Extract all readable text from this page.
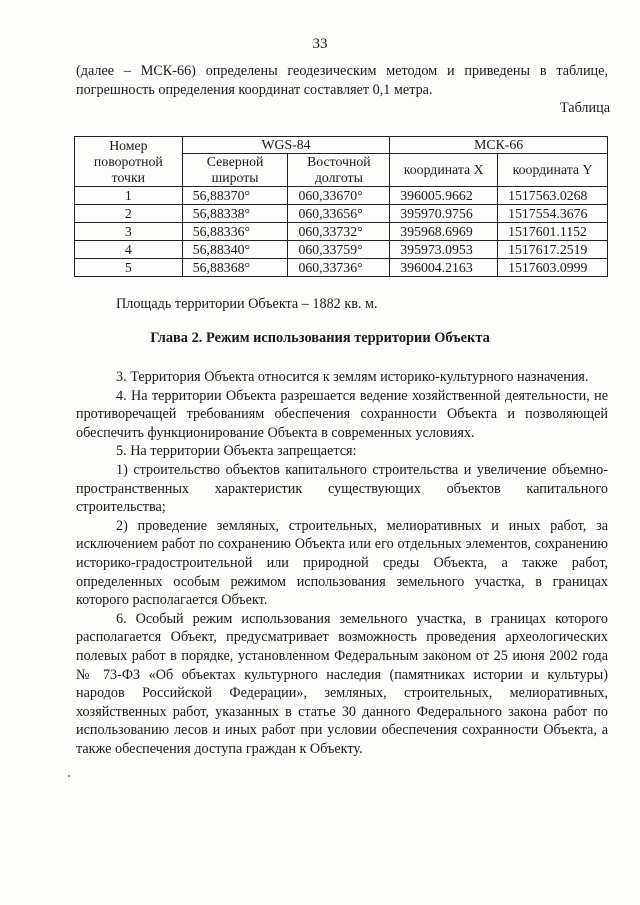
33
(далее – МСК-66) определены геодезическим методом и приведены в таблице, погрешность определения координат составляет 0,1 метра.
Таблица
Номер поворотной точки	WGS-84		МСК-66	
	Северной широты	Восточной долготы	координата X	координата Y
1	56,88370°	060,33670°	396005.9662	1517563.0268
2	56,88338°	060,33656°	395970.9756	1517554.3676
3	56,88336°	060,33732°	395968.6969	1517601.1152
4	56,88340°	060,33759°	395973.0953	1517617.2519
5	56,88368°	060,33736°	396004.2163	1517603.0999
Площадь территории Объекта – 1882 кв. м.
Глава 2. Режим использования территории Объекта

3. Территория Объекта относится к землям историко-культурного назначения.

4. На территории Объекта разрешается ведение хозяйственной деятельности, не противоречащей требованиям обеспечения сохранности Объекта и позволяющей обеспечить функционирование Объекта в современных условиях.

5. На территории Объекта запрещается:

1) строительство объектов капитального строительства и увеличение объемно-пространственных характеристик существующих объектов капитального строительства;

2) проведение земляных, строительных, мелиоративных и иных работ, за исключением работ по сохранению Объекта или его отдельных элементов, сохранению историко-градостроительной или природной среды Объекта, а также работ, определенных особым режимом использования земельного участка, в границах которого располагается Объект.

6. Особый режим использования земельного участка, в границах которого располагается Объект, предусматривает возможность проведения археологических полевых работ в порядке, установленном Федеральным законом от 25 июня 2002 года № 73-ФЗ «Об объектах культурного наследия (памятниках истории и культуры) народов Российской Федерации», земляных, строительных, мелиоративных, хозяйственных работ, указанных в статье 30 данного Федерального закона работ по использованию лесов и иных работ при условии обеспечения сохранности Объекта, а также обеспечения доступа граждан к Объекту.
